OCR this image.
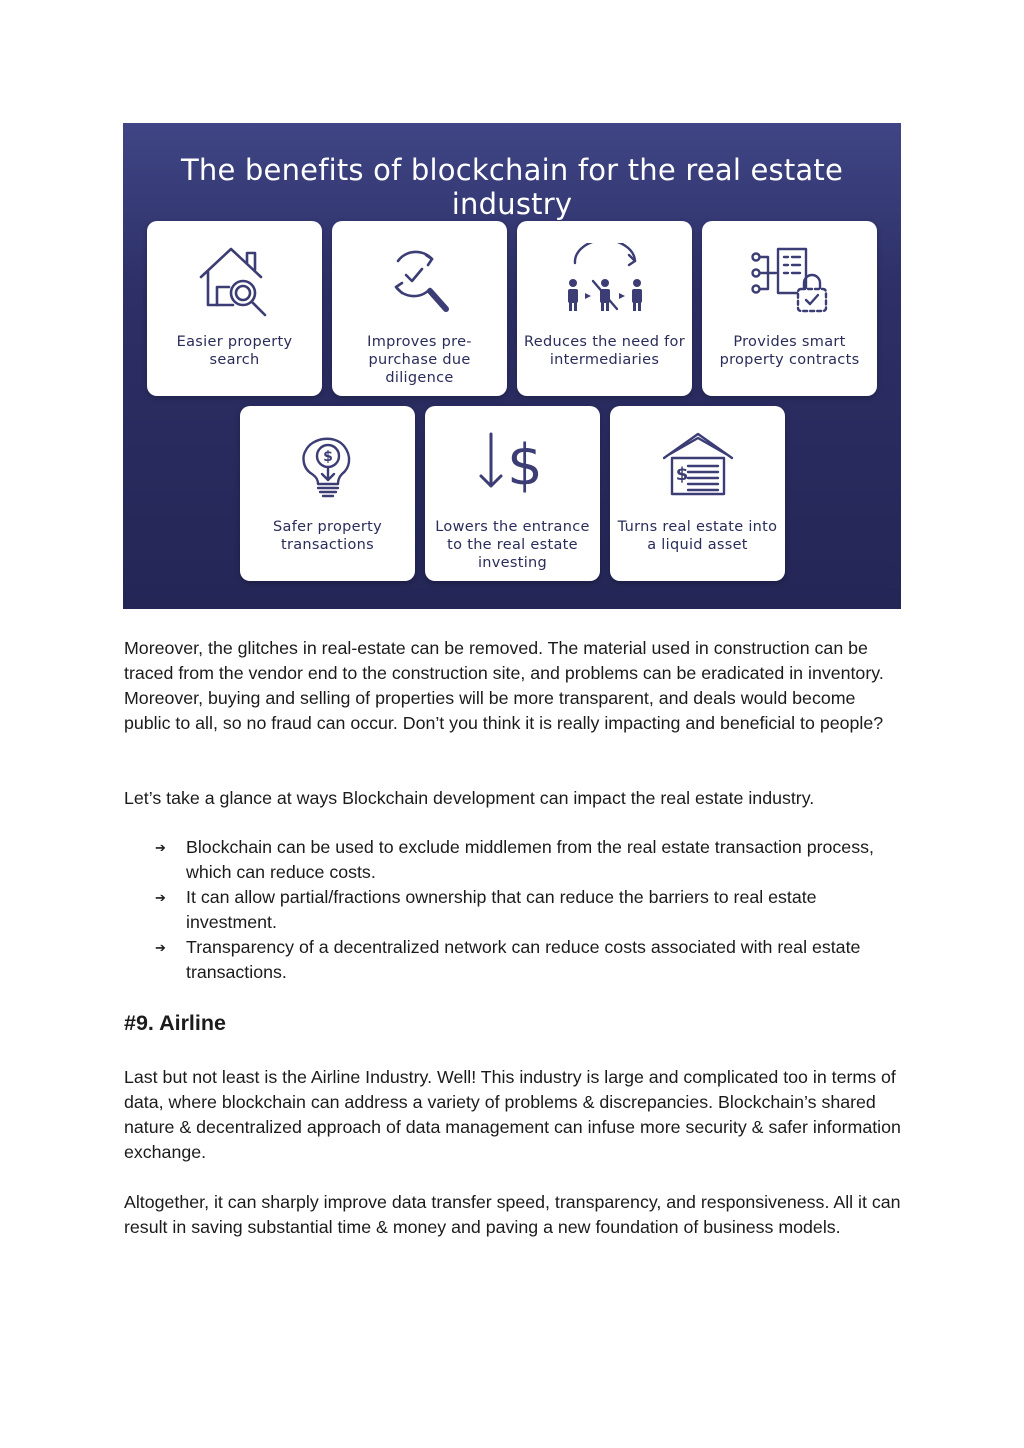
The benefits of blockchain for the real estate industry
Easier property search
Improves pre-purchase due diligence
Reduces the need for intermediaries
Provides smart property contracts
$
Safer property transactions
$
Lowers the entrance to the real estate investing
$
Turns real estate into a liquid asset

Moreover, the glitches in real-estate can be removed. The material used in construction can be traced from the vendor end to the construction site, and problems can be eradicated in inventory. Moreover, buying and selling of properties will be more transparent, and deals would become public to all, so no fraud can occur. Don’t you think it is really impacting and beneficial to people?

Let’s take a glance at ways Blockchain development can impact the real estate industry.

➔ Blockchain can be used to exclude middlemen from the real estate transaction process, which can reduce costs.
➔ It can allow partial/fractions ownership that can reduce the barriers to real estate investment.
➔ Transparency of a decentralized network can reduce costs associated with real estate transactions.
#9. Airline

Last but not least is the Airline Industry. Well! This industry is large and complicated too in terms of data, where blockchain can address a variety of problems & discrepancies. Blockchain’s shared nature & decentralized approach of data management can infuse more security & safer information exchange.

Altogether, it can sharply improve data transfer speed, transparency, and responsiveness. All it can result in saving substantial time & money and paving a new foundation of business models.
